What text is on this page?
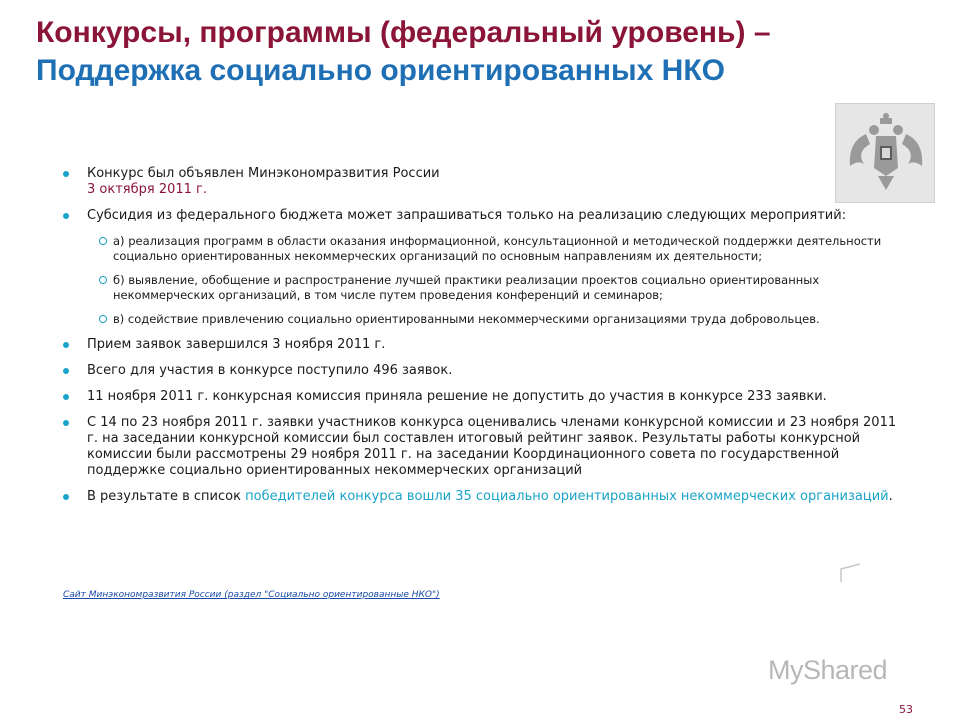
Конкурсы, программы (федеральный уровень) –
Поддержка социально ориентированных НКО
Конкурс был объявлен Минэкономразвития России
3 октября 2011 г.
Субсидия из федерального бюджета может запрашиваться только на реализацию следующих мероприятий:
а) реализация программ в области оказания информационной, консультационной и методической поддержки деятельности социально ориентированных некоммерческих организаций по основным направлениям их деятельности;
б) выявление, обобщение и распространение лучшей практики реализации проектов социально ориентированных некоммерческих организаций, в том числе путем проведения конференций и семинаров;
в) содействие привлечению социально ориентированными некоммерческими организациями труда добровольцев.
Прием заявок завершился 3 ноября 2011 г.
Всего для участия в конкурсе поступило 496 заявок.
11 ноября 2011 г. конкурсная комиссия приняла решение не допустить до участия в конкурсе 233 заявки.
С 14 по 23 ноября 2011 г. заявки участников конкурса оценивались членами конкурсной комиссии и 23 ноября 2011 г. на заседании конкурсной комиссии был составлен итоговый рейтинг заявок. Результаты работы конкурсной комиссии были рассмотрены 29 ноября 2011 г. на заседании Координационного совета по государственной поддержке социально ориентированных некоммерческих организаций
В результате в список победителей конкурса вошли 35 социально ориентированных некоммерческих организаций.
Сайт Минэкономразвития России (раздел "Социально ориентированные НКО")
MyShared
53
